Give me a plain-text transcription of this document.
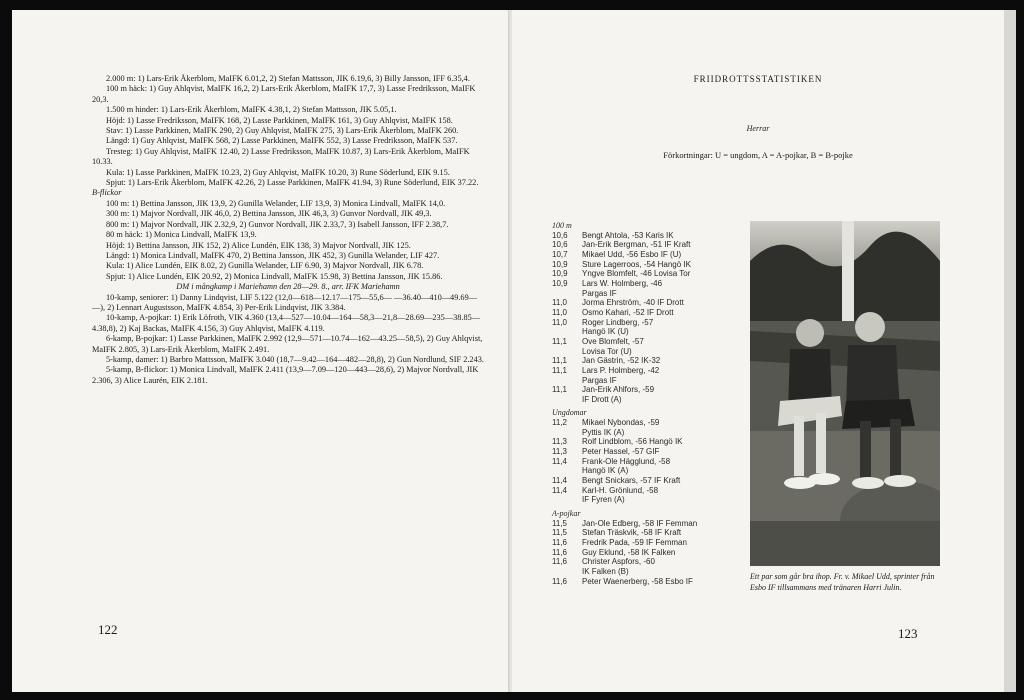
2.000 m: 1) Lars-Erik Åkerblom, MaIFK 6.01,2, 2) Stefan Mattsson, JIK 6.19,6, 3) Billy Jansson, IFF 6.35,4.

100 m häck: 1) Guy Ahlqvist, MaIFK 16,2, 2) Lars-Erik Åkerblom, MaIFK 17,7, 3) Lasse Fredriksson, MaIFK 20,3.

1.500 m hinder: 1) Lars-Erik Åkerblom, MaIFK 4.38,1, 2) Stefan Mattsson, JIK 5.05,1.

Höjd: 1) Lasse Fredriksson, MaIFK 168, 2) Lasse Parkkinen, MaIFK 161, 3) Guy Ahlqvist, MaIFK 158.

Stav: 1) Lasse Parkkinen, MaIFK 290, 2) Guy Ahlqvist, MaIFK 275, 3) Lars-Erik Åkerblom, MaIFK 260.

Längd: 1) Guy Ahlqvist, MaIFK 568, 2) Lasse Parkkinen, MaIFK 552, 3) Lasse Fredriksson, MaIFK 537.

Tresteg: 1) Guy Ahlqvist, MaIFK 12.40, 2) Lasse Fredriksson, MaIFK 10.87, 3) Lars-Erik Åkerblom, MaIFK 10.33.

Kula: 1) Lasse Parkkinen, MaIFK 10.23, 2) Guy Ahlqvist, MaIFK 10.20, 3) Rune Söderlund, EIK 9.15.

Spjut: 1) Lars-Erik Åkerblom, MaIFK 42.26, 2) Lasse Parkkinen, MaIFK 41.94, 3) Rune Söderlund, EIK 37.22.

B-flickor

100 m: 1) Bettina Jansson, JIK 13,9, 2) Gunilla Welander, LIF 13,9, 3) Monica Lindvall, MaIFK 14,0.

300 m: 1) Majvor Nordvall, JIK 46,0, 2) Bettina Jansson, JIK 46,3, 3) Gunvor Nordvall, JIK 49,3.

800 m: 1) Majvor Nordvall, JIK 2.32,9, 2) Gunvor Nordvall, JIK 2.33,7, 3) Isabell Jansson, IFF 2.38,7.

80 m häck: 1) Monica Lindvall, MaIFK 13,9.

Höjd: 1) Bettina Jansson, JIK 152, 2) Alice Lundén, EIK 138, 3) Majvor Nordvall, JIK 125.

Längd: 1) Monica Lindvall, MaIFK 470, 2) Bettina Jansson, JIK 452, 3) Gunilla Welander, LIF 427.

Kula: 1) Alice Lundén, EIK 8.02, 2) Gunilla Welander, LIF 6.90, 3) Majvor Nordvall, JIK 6.78.

Spjut: 1) Alice Lundén, EIK 20.92, 2) Monica Lindvall, MaIFK 15.98, 3) Bettina Jansson, JIK 15.86.

DM i mångkamp i Mariehamn den 28—29. 8., arr. IFK Mariehamn

10-kamp, seniorer: 1) Danny Lindqvist, LIF 5.122 (12,0—618—12.17—175—55,6— —36.40—410—49.69— —), 2) Lennart Augustsson, MaIFK 4.854, 3) Per-Erik Lindqvist, JIK 3.384.

10-kamp, A-pojkar: 1) Erik Löfroth, VIK 4.360 (13,4—527—10.04—164—58,3—21,8—28.69—235—38.85—4.38,8), 2) Kaj Backas, MaIFK 4.156, 3) Guy Ahlqvist, MaIFK 4.119.

6-kamp, B-pojkar: 1) Lasse Parkkinen, MaIFK 2.992 (12,9—571—10.74—162—43.25—58,5), 2) Guy Ahlqvist, MaIFK 2.805, 3) Lars-Erik Åkerblom, MaIFK 2.491.

5-kamp, damer: 1) Barbro Mattsson, MaIFK 3.040 (18,7—9.42—164—482—28,8), 2) Gun Nordlund, SIF 2.243.

5-kamp, B-flickor: 1) Monica Lindvall, MaIFK 2.411 (13,9—7.09—120—443—28,6), 2) Majvor Nordvall, JIK 2.306, 3) Alice Laurén, EIK 2.181.

122
FRIIDROTTSSTATISTIKEN
Herrar
Förkortningar: U = ungdom, A = A-pojkar, B = B-pojke
100 m
10,6	Bengt Ahtola, -53 Karis IK
10,6	Jan-Erik Bergman, -51 IF Kraft
10,7	Mikael Udd, -56 Esbo IF (U)
10,9	Sture Lagerroos, -54 Hangö IK
10,9	Yngve Blomfelt, -46 Lovisa Tor
10,9	Lars W. Holmberg, -46
Pargas IF
11,0	Jorma Ehrström, -40 IF Drott
11,0	Osmo Kahari, -52 IF Drott
11,0	Roger Lindberg, -57
Hangö IK (U)
11,1	Ove Blomfelt, -57
Lovisa Tor (U)
11,1	Jan Gästrin, -52 IK-32
11,1	Lars P. Holmberg, -42
Pargas IF
11,1	Jan-Erik Ahlfors, -59
IF Drott (A)
Ungdomar
11,2	Mikael Nybondas, -59
Pyttis IK (A)
11,3	Rolf Lindblom, -56 Hangö IK
11,3	Peter Hassel, -57 GIF
11,4	Frank-Ole Hägglund, -58
Hangö IK (A)
11,4	Bengt Snickars, -57 IF Kraft
11,4	Karl-H. Grönlund, -58
IF Fyren (A)
A-pojkar
11,5	Jan-Ole Edberg, -58 IF Femman
11,5	Stefan Träskvik, -58 IF Kraft
11,6	Fredrik Pada, -59 IF Femman
11,6	Guy Eklund, -58 IK Falken
11,6	Christer Aspfors, -60
IK Falken (B)
11,6	Peter Waenerberg, -58 Esbo IF
Ett par som går bra ihop. Fr. v. Mikael Udd, sprinter från Esbo IF tillsammans med tränaren Harri Julin.
123
